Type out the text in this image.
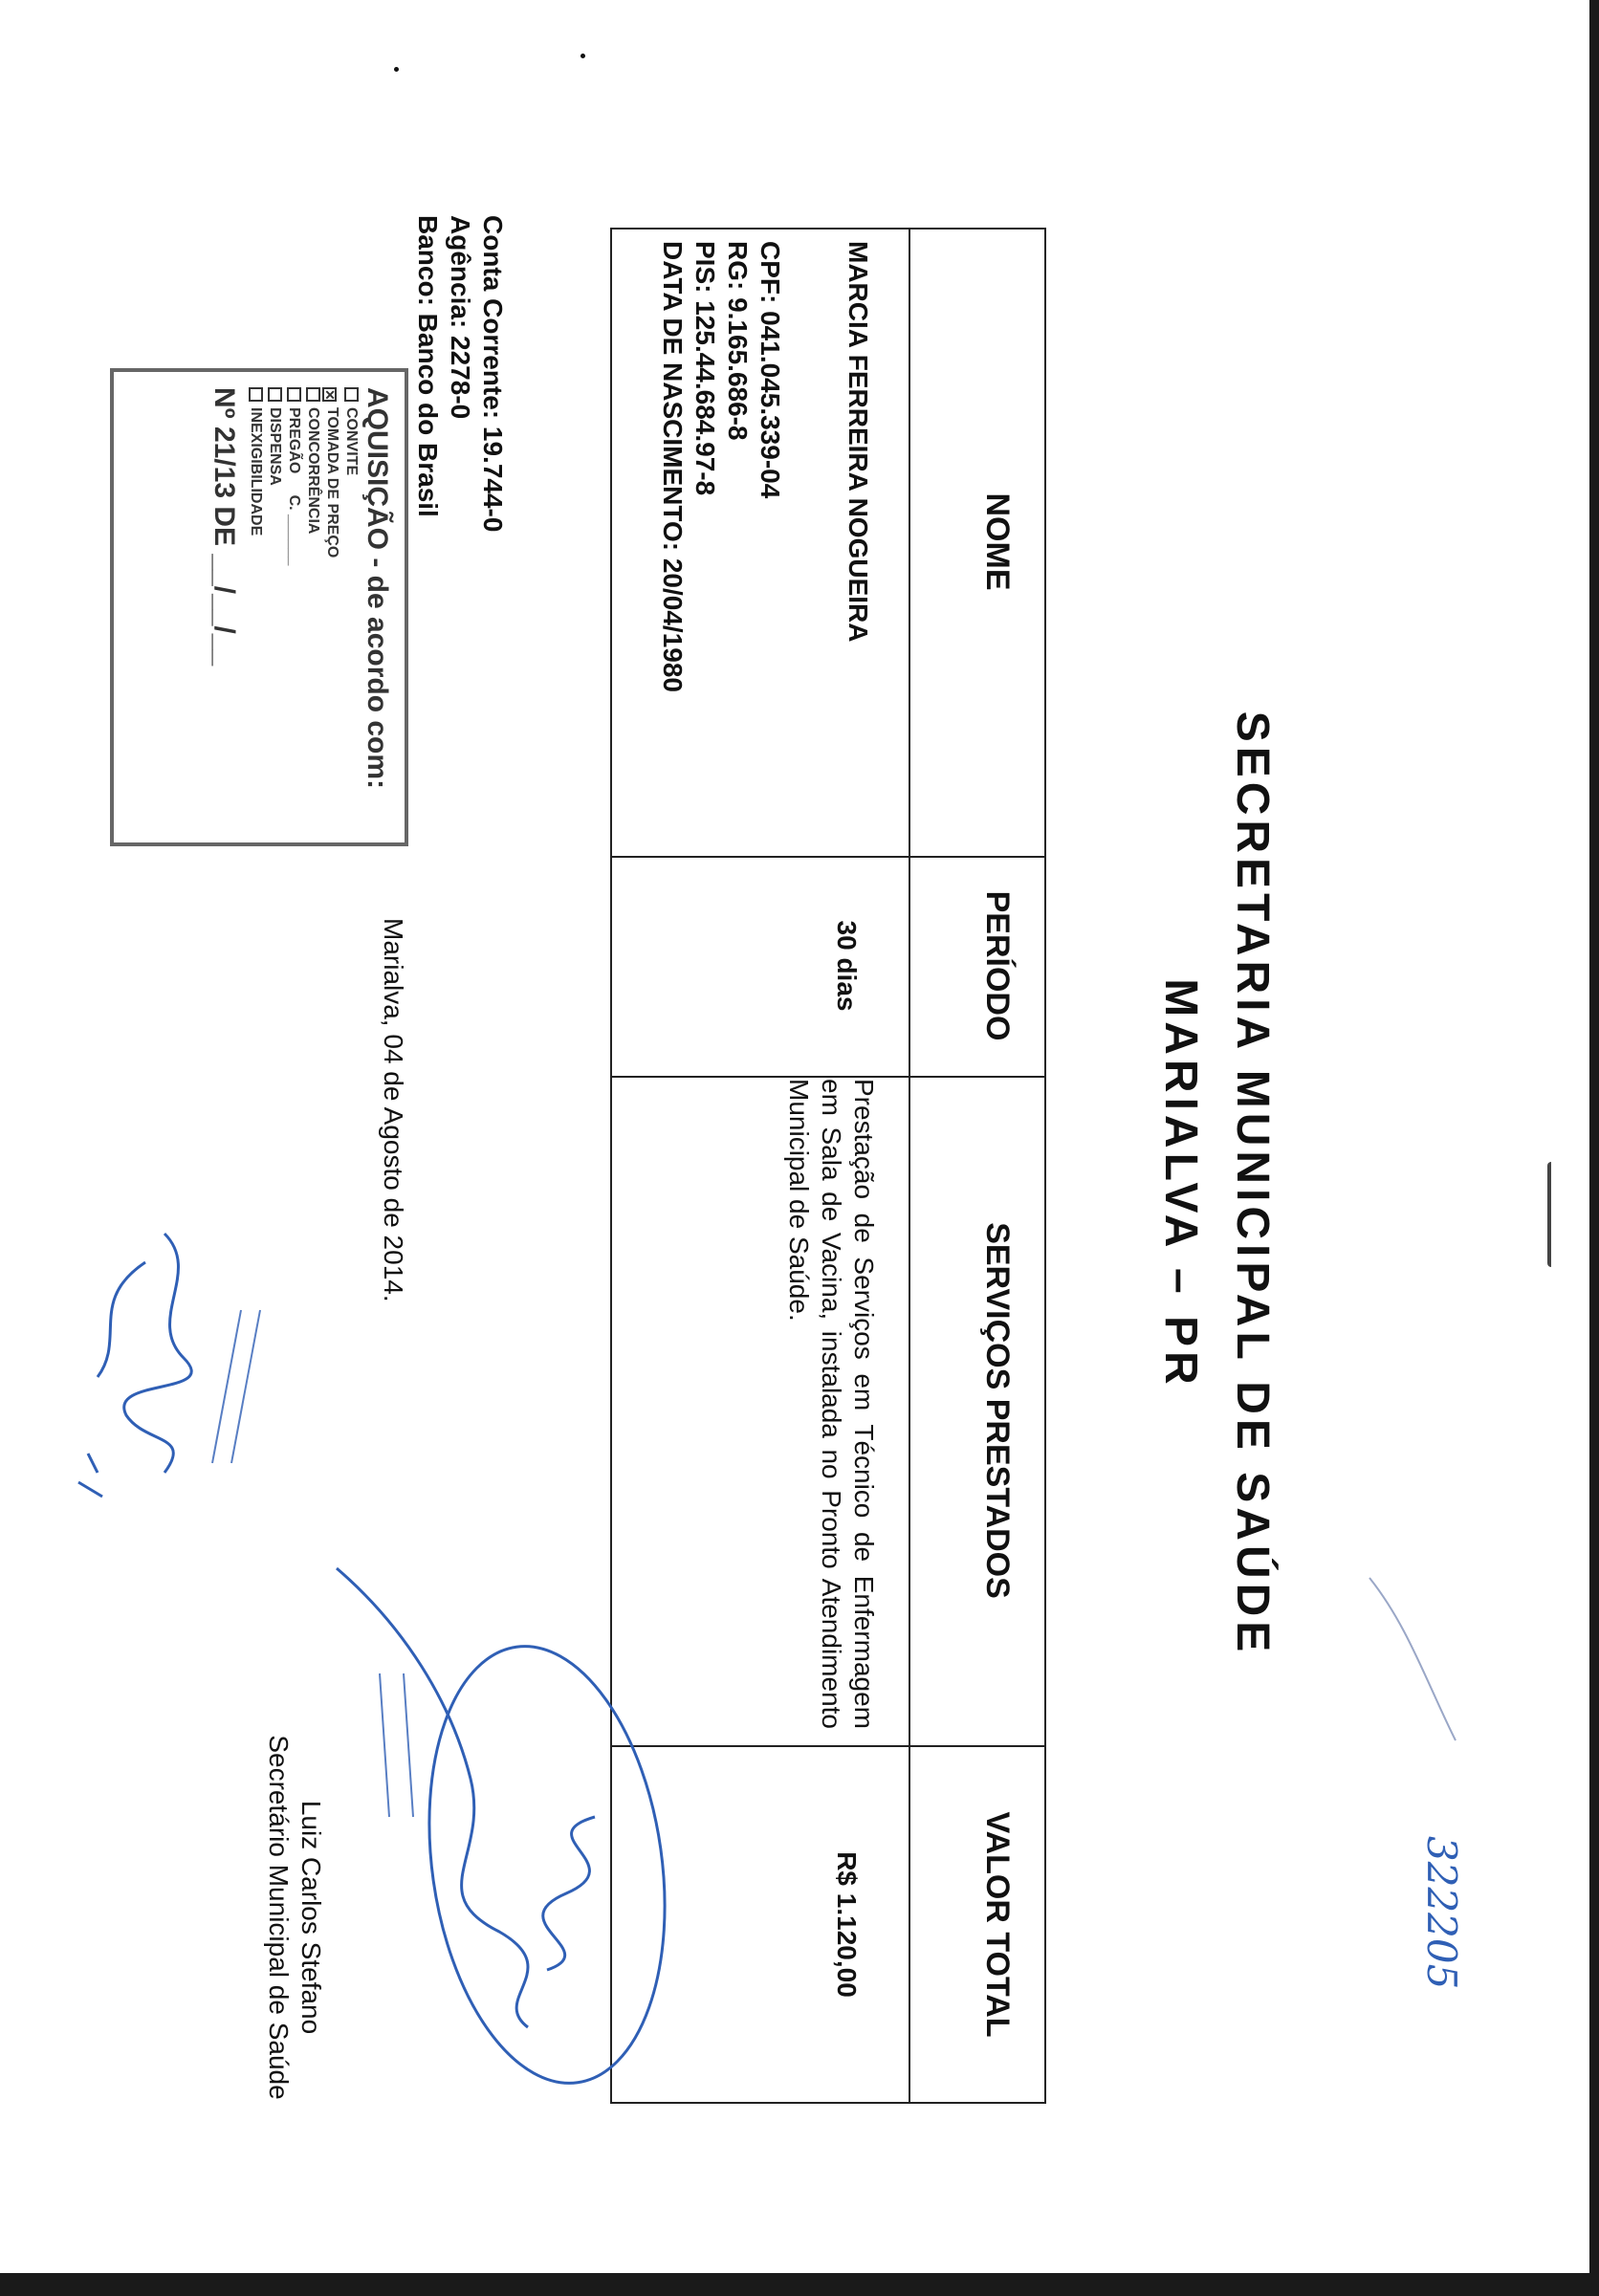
322205
SECRETARIA MUNICIPAL DE SAÚDE
MARIALVA – PR
NOME
PERÍODO
SERVIÇOS PRESTADOS
VALOR TOTAL
MARCIA FERREIRA NOGUEIRA
CPF: 041.045.339-04
RG: 9.165.686-8
PIS: 125.44.684.97-8
DATA DE NASCIMENTO: 20/04/1980
30 dias
Prestação de Serviços em Técnico de Enfermagem em Sala de Vacina, instalada no Pronto Atendimento Municipal de Saúde.
R$ 1.120,00
Conta Corrente: 19.744-0
Agência: 2278-0
Banco: Banco do Brasil
AQUISIÇÃO - de acordo com:
CONVITE
✕TOMADA DE PREÇO
CONCORRÊNCIA
PREGÃO     C. ______
DISPENSA
INEXIGIBILIDADE
Nº 21/13 DE __/__/__
Marialva, 04 de Agosto de 2014.
Luiz Carlos Stefano
Secretário Municipal de Saúde
